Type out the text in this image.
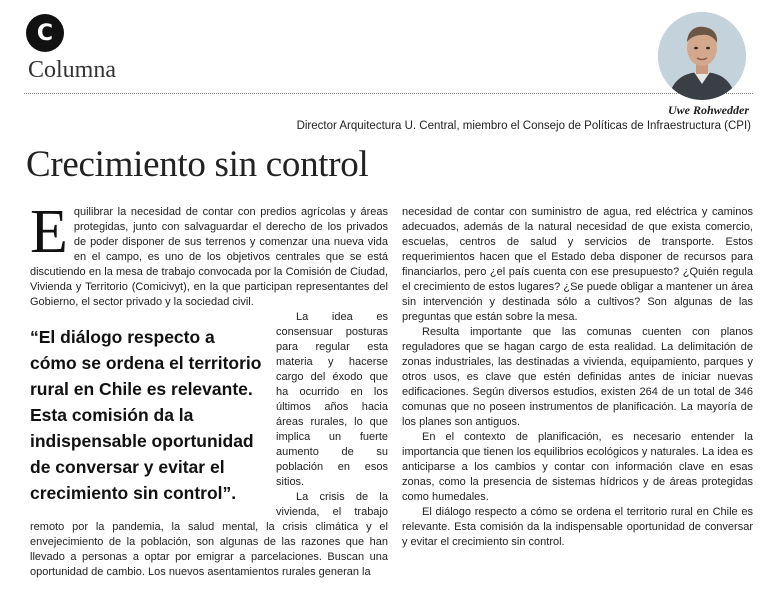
C
Columna
Uwe Rohwedder
Director Arquitectura U. Central, miembro el Consejo de Políticas de Infraestructura (CPI)
Crecimiento sin control

Equilibrar la necesidad de contar con predios agrícolas y áreas protegidas, junto con salvaguardar el derecho de los privados de poder disponer de sus terrenos y comenzar una nueva vida en el campo, es uno de los objetivos centrales que se está discutiendo en la mesa de trabajo convocada por la Comisión de Ciudad, Vivienda y Territorio (Comicivyt), en la que participan representantes del Gobierno, el sector privado y la sociedad civil.

“El diálogo respecto a cómo se ordena el territorio rural en Chile es relevante. Esta comisión da la indispensable oportunidad de conversar y evitar el crecimiento sin control”.
La idea es consensuar posturas para regular esta materia y hacerse cargo del éxodo que ha ocurrido en los últimos años hacia áreas rurales, lo que implica un fuerte aumento de su población en esos sitios.
La crisis de la vivienda, el trabajo remoto por la pandemia, la salud mental, la crisis climática y el envejecimiento de la población, son algunas de las razones que han llevado a personas a optar por emigrar a parcelaciones. Buscan una oportunidad de cambio. Los nuevos asentamientos rurales generan la

necesidad de contar con suministro de agua, red eléctrica y caminos adecuados, además de la natural necesidad de que exista comercio, escuelas, centros de salud y servicios de transporte. Estos requerimientos hacen que el Estado deba disponer de recursos para financiarlos, pero ¿el país cuenta con ese presupuesto? ¿Quién regula el crecimiento de estos lugares? ¿Se puede obligar a mantener un área sin intervención y destinada sólo a cultivos? Son algunas de las preguntas que están sobre la mesa.

Resulta importante que las comunas cuenten con planos reguladores que se hagan cargo de esta realidad. La delimitación de zonas industriales, las destinadas a vivienda, equipamiento, parques y otros usos, es clave que estén definidas antes de iniciar nuevas edificaciones. Según diversos estudios, existen 264 de un total de 346 comunas que no poseen instrumentos de planificación. La mayoría de los planes son antiguos.

En el contexto de planificación, es necesario entender la importancia que tienen los equilibrios ecológicos y naturales. La idea es anticiparse a los cambios y contar con información clave en esas zonas, como la presencia de sistemas hídricos y de áreas protegidas como humedales.

El diálogo respecto a cómo se ordena el territorio rural en Chile es relevante. Esta comisión da la indispensable oportunidad de conversar y evitar el crecimiento sin control.
